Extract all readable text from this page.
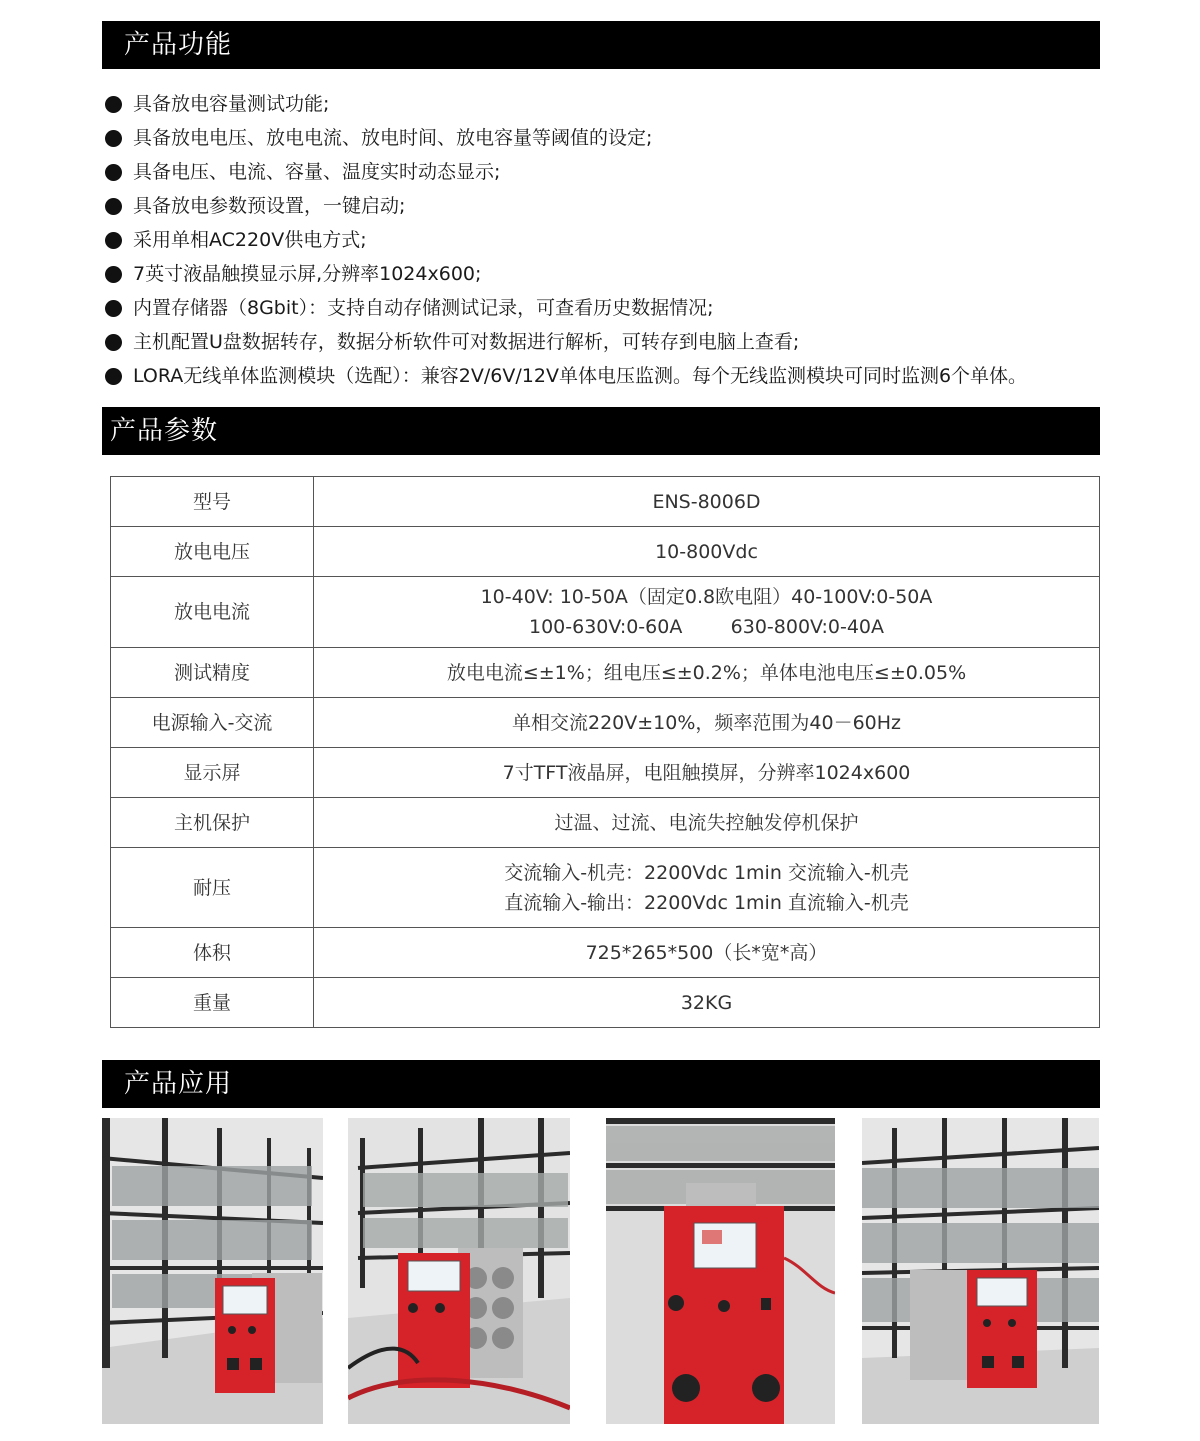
产品功能
具备放电容量测试功能;
具备放电电压、放电电流、放电时间、放电容量等阈值的设定;
具备电压、电流、容量、温度实时动态显示;
具备放电参数预设置，一键启动;
采用单相AC220V供电方式;
7英寸液晶触摸显示屏,分辨率1024x600;
内置存储器（8Gbit）：支持自动存储测试记录，可查看历史数据情况;
主机配置U盘数据转存，数据分析软件可对数据进行解析，可转存到电脑上查看;
LORA无线单体监测模块（选配）：兼容2V/6V/12V单体电压监测。每个无线监测模块可同时监测6个单体。
产品参数
型号	ENS-8006D
放电电压	10-800Vdc
放电电流	10-40V: 10-50A（固定0.8欧电阻）40-100V:0-50A
100-630V:0-60A        630-800V:0-40A

测试精度	放电电流≤±1%；组电压≤±0.2%；单体电池电压≤±0.05%
电源输入-交流	单相交流220V±10%，频率范围为40－60Hz
显示屏	7寸TFT液晶屏，电阻触摸屏，分辨率1024x600
主机保护	过温、过流、电流失控触发停机保护
耐压	交流输入-机壳：2200Vdc 1min 交流输入-机壳
直流输入-输出：2200Vdc 1min 直流输入-机壳

体积	725*265*500（长*宽*高）
重量	32KG
产品应用
